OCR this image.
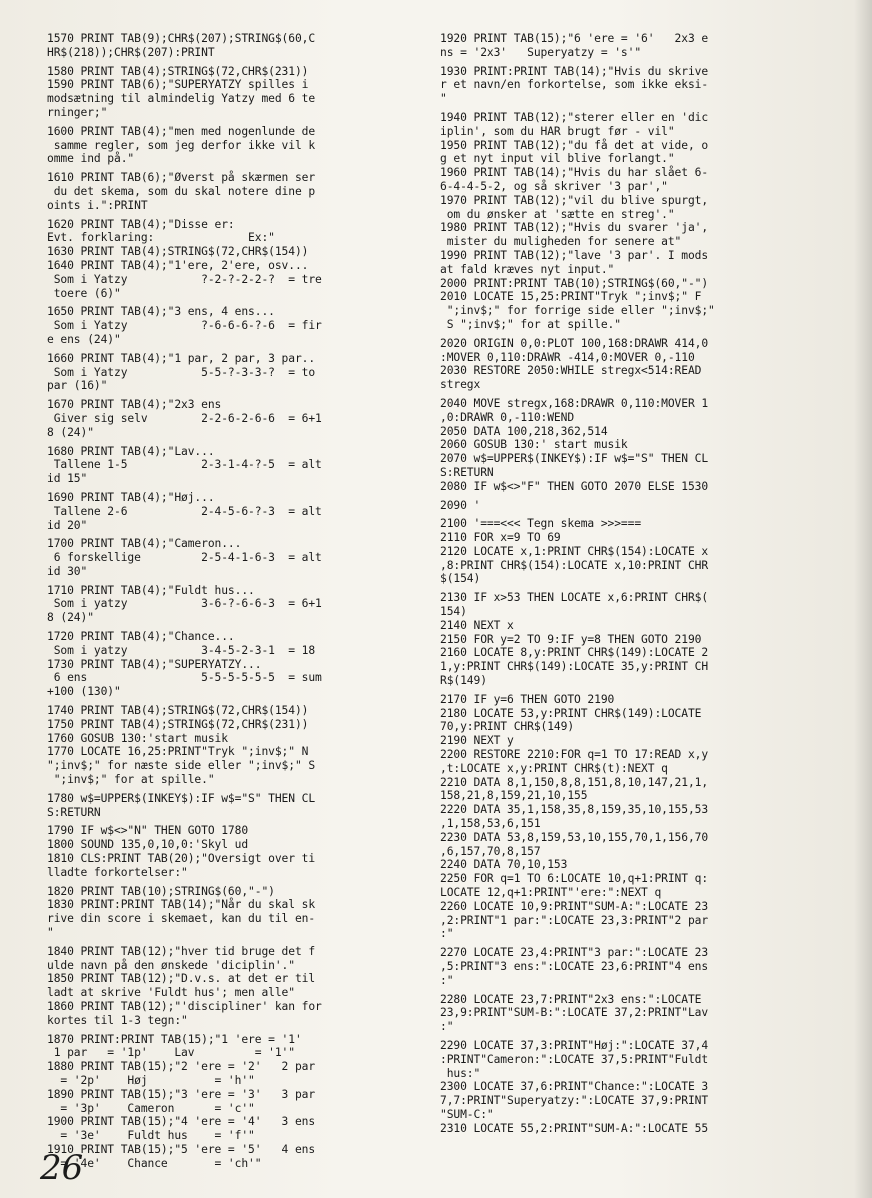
1570 PRINT TAB(9);CHR$(207);STRING$(60,C
HR$(218));CHR$(207):PRINT
1580 PRINT TAB(4);STRING$(72,CHR$(231))
1590 PRINT TAB(6);"SUPERYATZY spilles i
modsætning til almindelig Yatzy med 6 te
rninger;"
1600 PRINT TAB(4);"men med nogenlunde de
samme regler, som jeg derfor ikke vil k
omme ind på."
1610 PRINT TAB(6);"Øverst på skærmen ser
du det skema, som du skal notere dine p
oints i.":PRINT
1620 PRINT TAB(4);"Disse er:
Evt. forklaring:              Ex:"
1630 PRINT TAB(4);STRING$(72,CHR$(154))
1640 PRINT TAB(4);"1'ere, 2'ere, osv...
Som i Yatzy           ?-2-?-2-2-?  = tre
toere (6)"
1650 PRINT TAB(4);"3 ens, 4 ens...
Som i Yatzy           ?-6-6-6-?-6  = fir
e ens (24)"
1660 PRINT TAB(4);"1 par, 2 par, 3 par..
Som i Yatzy           5-5-?-3-3-?  = to
par (16)"
1670 PRINT TAB(4);"2x3 ens
Giver sig selv        2-2-6-2-6-6  = 6+1
8 (24)"
1680 PRINT TAB(4);"Lav...
Tallene 1-5           2-3-1-4-?-5  = alt
id 15"
1690 PRINT TAB(4);"Høj...
Tallene 2-6           2-4-5-6-?-3  = alt
id 20"
1700 PRINT TAB(4);"Cameron...
6 forskellige         2-5-4-1-6-3  = alt
id 30"
1710 PRINT TAB(4);"Fuldt hus...
Som i yatzy           3-6-?-6-6-3  = 6+1
8 (24)"
1720 PRINT TAB(4);"Chance...
Som i yatzy           3-4-5-2-3-1  = 18
1730 PRINT TAB(4);"SUPERYATZY...
6 ens                 5-5-5-5-5-5  = sum
+100 (130)"
1740 PRINT TAB(4);STRING$(72,CHR$(154))
1750 PRINT TAB(4);STRING$(72,CHR$(231))
1760 GOSUB 130:'start musik
1770 LOCATE 16,25:PRINT"Tryk ";inv$;" N
";inv$;" for næste side eller ";inv$;" S
";inv$;" for at spille."
1780 w$=UPPER$(INKEY$):IF w$="S" THEN CL
S:RETURN
1790 IF w$<>"N" THEN GOTO 1780
1800 SOUND 135,0,10,0:'Skyl ud
1810 CLS:PRINT TAB(20);"Oversigt over ti
lladte forkortelser:"
1820 PRINT TAB(10);STRING$(60,"-")
1830 PRINT:PRINT TAB(14);"Når du skal sk
rive din score i skemaet, kan du til en-
"
1840 PRINT TAB(12);"hver tid bruge det f
ulde navn på den ønskede 'diciplin'."
1850 PRINT TAB(12);"D.v.s. at det er til
ladt at skrive 'Fuldt hus'; men alle"
1860 PRINT TAB(12);"'discipliner' kan for
kortes til 1-3 tegn:"
1870 PRINT:PRINT TAB(15);"1 'ere = '1'
1 par   = '1p'    Lav         = '1'"
1880 PRINT TAB(15);"2 'ere = '2'   2 par
= '2p'    Høj          = 'h'"
1890 PRINT TAB(15);"3 'ere = '3'   3 par
= '3p'    Cameron      = 'c'"
1900 PRINT TAB(15);"4 'ere = '4'   3 ens
= '3e'    Fuldt hus    = 'f'"
1910 PRINT TAB(15);"5 'ere = '5'   4 ens
= '4e'    Chance       = 'ch'"
1920 PRINT TAB(15);"6 'ere = '6'   2x3 e
ns = '2x3'   Superyatzy = 's'"
1930 PRINT:PRINT TAB(14);"Hvis du skrive
r et navn/en forkortelse, som ikke eksi-
"
1940 PRINT TAB(12);"sterer eller en 'dic
iplin', som du HAR brugt før - vil"
1950 PRINT TAB(12);"du få det at vide, o
g et nyt input vil blive forlangt."
1960 PRINT TAB(14);"Hvis du har slået 6-
6-4-4-5-2, og så skriver '3 par',"
1970 PRINT TAB(12);"vil du blive spurgt,
om du ønsker at 'sætte en streg'."
1980 PRINT TAB(12);"Hvis du svarer 'ja',
mister du muligheden for senere at"
1990 PRINT TAB(12);"lave '3 par'. I mods
at fald kræves nyt input."
2000 PRINT:PRINT TAB(10);STRING$(60,"-")
2010 LOCATE 15,25:PRINT"Tryk ";inv$;" F
";inv$;" for forrige side eller ";inv$;"
S ";inv$;" for at spille."
2020 ORIGIN 0,0:PLOT 100,168:DRAWR 414,0
:MOVER 0,110:DRAWR -414,0:MOVER 0,-110
2030 RESTORE 2050:WHILE stregx<514:READ
stregx
2040 MOVE stregx,168:DRAWR 0,110:MOVER 1
,0:DRAWR 0,-110:WEND
2050 DATA 100,218,362,514
2060 GOSUB 130:' start musik
2070 w$=UPPER$(INKEY$):IF w$="S" THEN CL
S:RETURN
2080 IF w$<>"F" THEN GOTO 2070 ELSE 1530
2090 '
2100 '===<<< Tegn skema >>>===
2110 FOR x=9 TO 69
2120 LOCATE x,1:PRINT CHR$(154):LOCATE x
,8:PRINT CHR$(154):LOCATE x,10:PRINT CHR
$(154)
2130 IF x>53 THEN LOCATE x,6:PRINT CHR$(
154)
2140 NEXT x
2150 FOR y=2 TO 9:IF y=8 THEN GOTO 2190
2160 LOCATE 8,y:PRINT CHR$(149):LOCATE 2
1,y:PRINT CHR$(149):LOCATE 35,y:PRINT CH
R$(149)
2170 IF y=6 THEN GOTO 2190
2180 LOCATE 53,y:PRINT CHR$(149):LOCATE
70,y:PRINT CHR$(149)
2190 NEXT y
2200 RESTORE 2210:FOR q=1 TO 17:READ x,y
,t:LOCATE x,y:PRINT CHR$(t):NEXT q
2210 DATA 8,1,150,8,8,151,8,10,147,21,1,
158,21,8,159,21,10,155
2220 DATA 35,1,158,35,8,159,35,10,155,53
,1,158,53,6,151
2230 DATA 53,8,159,53,10,155,70,1,156,70
,6,157,70,8,157
2240 DATA 70,10,153
2250 FOR q=1 TO 6:LOCATE 10,q+1:PRINT q:
LOCATE 12,q+1:PRINT"'ere:":NEXT q
2260 LOCATE 10,9:PRINT"SUM-A:":LOCATE 23
,2:PRINT"1 par:":LOCATE 23,3:PRINT"2 par
:"
2270 LOCATE 23,4:PRINT"3 par:":LOCATE 23
,5:PRINT"3 ens:":LOCATE 23,6:PRINT"4 ens
:"
2280 LOCATE 23,7:PRINT"2x3 ens:":LOCATE
23,9:PRINT"SUM-B:":LOCATE 37,2:PRINT"Lav
:"
2290 LOCATE 37,3:PRINT"Høj:":LOCATE 37,4
:PRINT"Cameron:":LOCATE 37,5:PRINT"Fuldt
hus:"
2300 LOCATE 37,6:PRINT"Chance:":LOCATE 3
7,7:PRINT"Superyatzy:":LOCATE 37,9:PRINT
"SUM-C:"
2310 LOCATE 55,2:PRINT"SUM-A:":LOCATE 55
26
